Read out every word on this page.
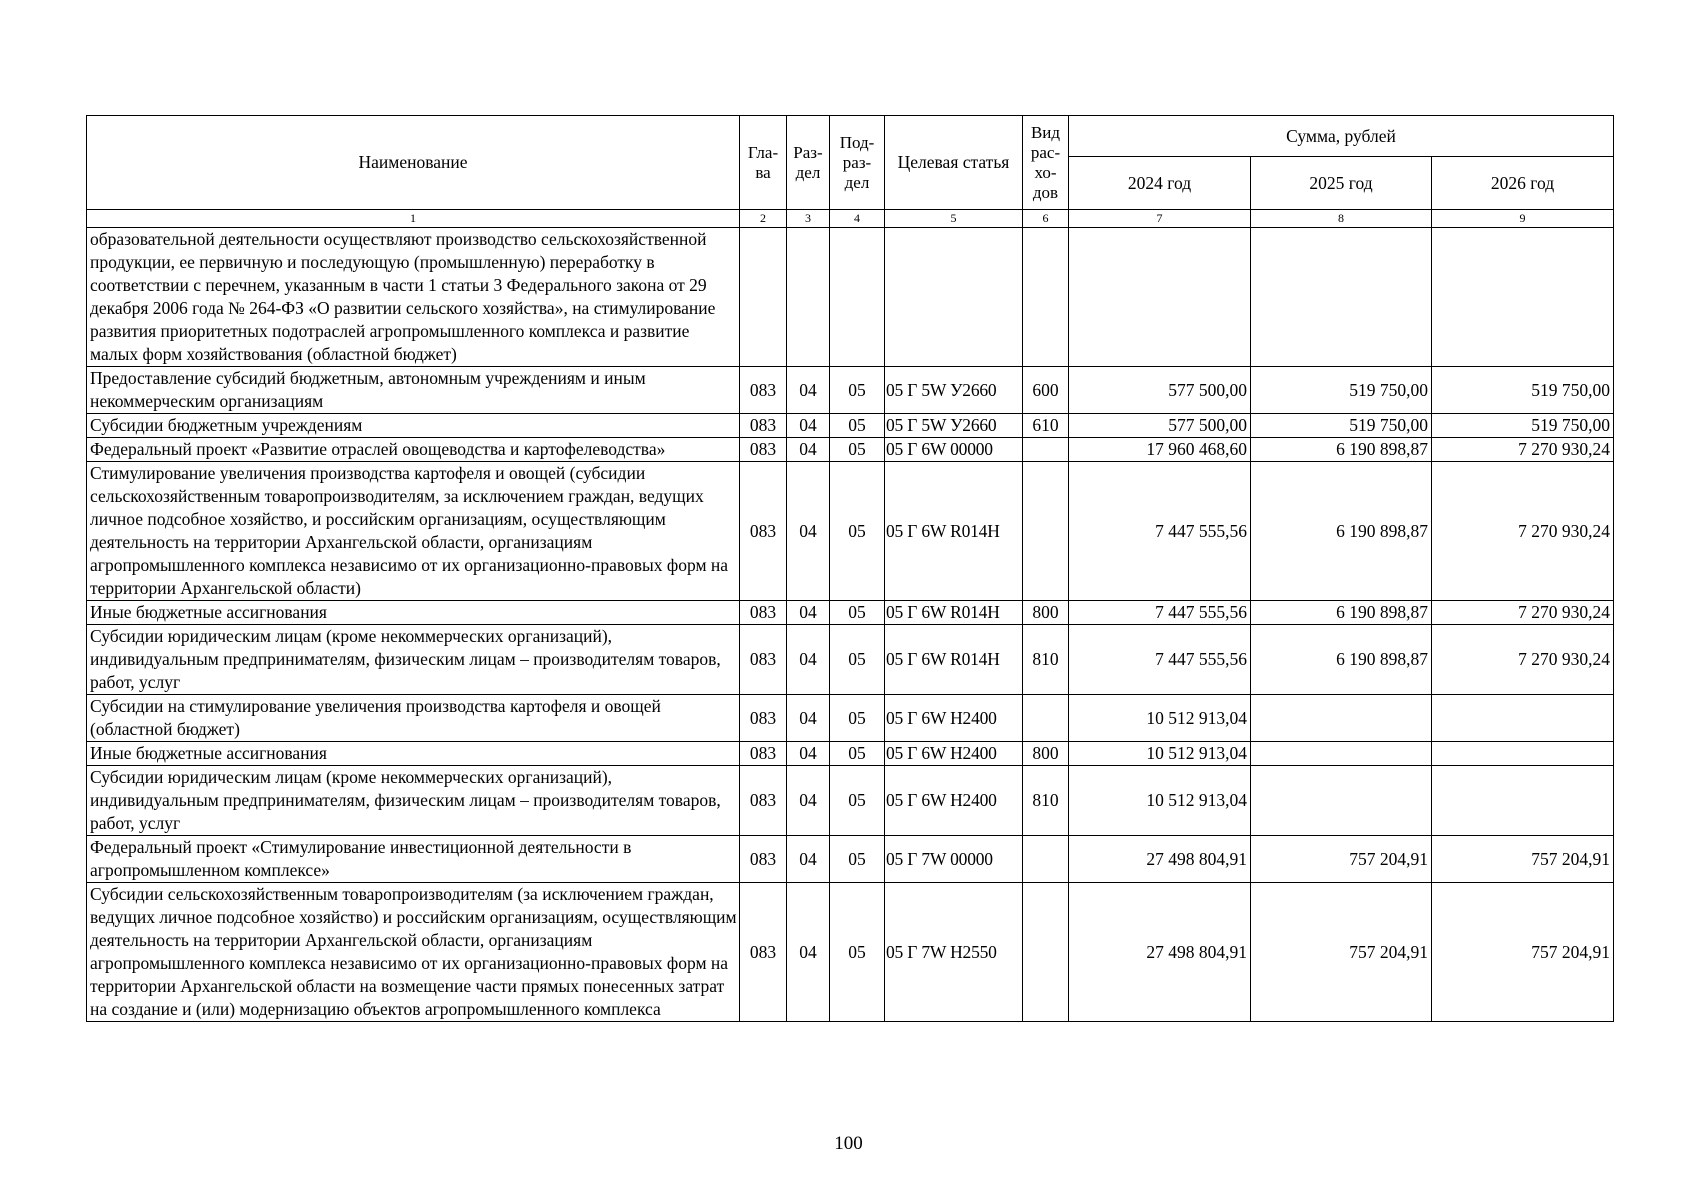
Наименование	Гла-ва	Раз-дел	Под-раз-дел	Целевая статья	Вид рас-хо-дов	Сумма, рублей		
						2024 год	2025 год	2026 год
1	2	3	4	5	6	7	8	9
образовательной деятельности осуществляют производство сельскохозяйственной продукции, ее первичную и последующую (промышленную) переработку в соответствии с перечнем, указанным в части 1 статьи 3 Федерального закона от 29 декабря 2006 года № 264-ФЗ «О развитии сельского хозяйства», на стимулирование развития приоритетных подотраслей агропромышленного комплекса и развитие малых форм хозяйствования (областной бюджет)								
Предоставление субсидий бюджетным, автономным учреждениям и иным некоммерческим организациям	083	04	05	05 Г 5W У2660	600	577 500,00	519 750,00	519 750,00
Субсидии бюджетным учреждениям	083	04	05	05 Г 5W У2660	610	577 500,00	519 750,00	519 750,00
Федеральный проект «Развитие отраслей овощеводства и картофелеводства»	083	04	05	05 Г 6W 00000		17 960 468,60	6 190 898,87	7 270 930,24
Стимулирование увеличения производства картофеля и овощей (субсидии сельскохозяйственным товаропроизводителям, за исключением граждан, ведущих личное подсобное хозяйство, и российским организациям, осуществляющим деятельность на территории Архангельской области, организациям агропромышленного комплекса независимо от их организационно-правовых форм на территории Архангельской области)	083	04	05	05 Г 6W R014Н		7 447 555,56	6 190 898,87	7 270 930,24
Иные бюджетные ассигнования	083	04	05	05 Г 6W R014Н	800	7 447 555,56	6 190 898,87	7 270 930,24
Субсидии юридическим лицам (кроме некоммерческих организаций), индивидуальным предпринимателям, физическим лицам – производителям товаров, работ, услуг	083	04	05	05 Г 6W R014Н	810	7 447 555,56	6 190 898,87	7 270 930,24
Субсидии на стимулирование увеличения производства картофеля и овощей (областной бюджет)	083	04	05	05 Г 6W Н2400		10 512 913,04		
Иные бюджетные ассигнования	083	04	05	05 Г 6W Н2400	800	10 512 913,04		
Субсидии юридическим лицам (кроме некоммерческих организаций), индивидуальным предпринимателям, физическим лицам – производителям товаров, работ, услуг	083	04	05	05 Г 6W Н2400	810	10 512 913,04		
Федеральный проект «Стимулирование инвестиционной деятельности в агропромышленном комплексе»	083	04	05	05 Г 7W 00000		27 498 804,91	757 204,91	757 204,91
Субсидии сельскохозяйственным товаропроизводителям (за исключением граждан, ведущих личное подсобное хозяйство) и российским организациям, осуществляющим деятельность на территории Архангельской области, организациям агропромышленного комплекса независимо от их организационно-правовых форм на территории Архангельской области на возмещение части прямых понесенных затрат на создание и (или) модернизацию объектов агропромышленного комплекса	083	04	05	05 Г 7W Н2550		27 498 804,91	757 204,91	757 204,91
100
